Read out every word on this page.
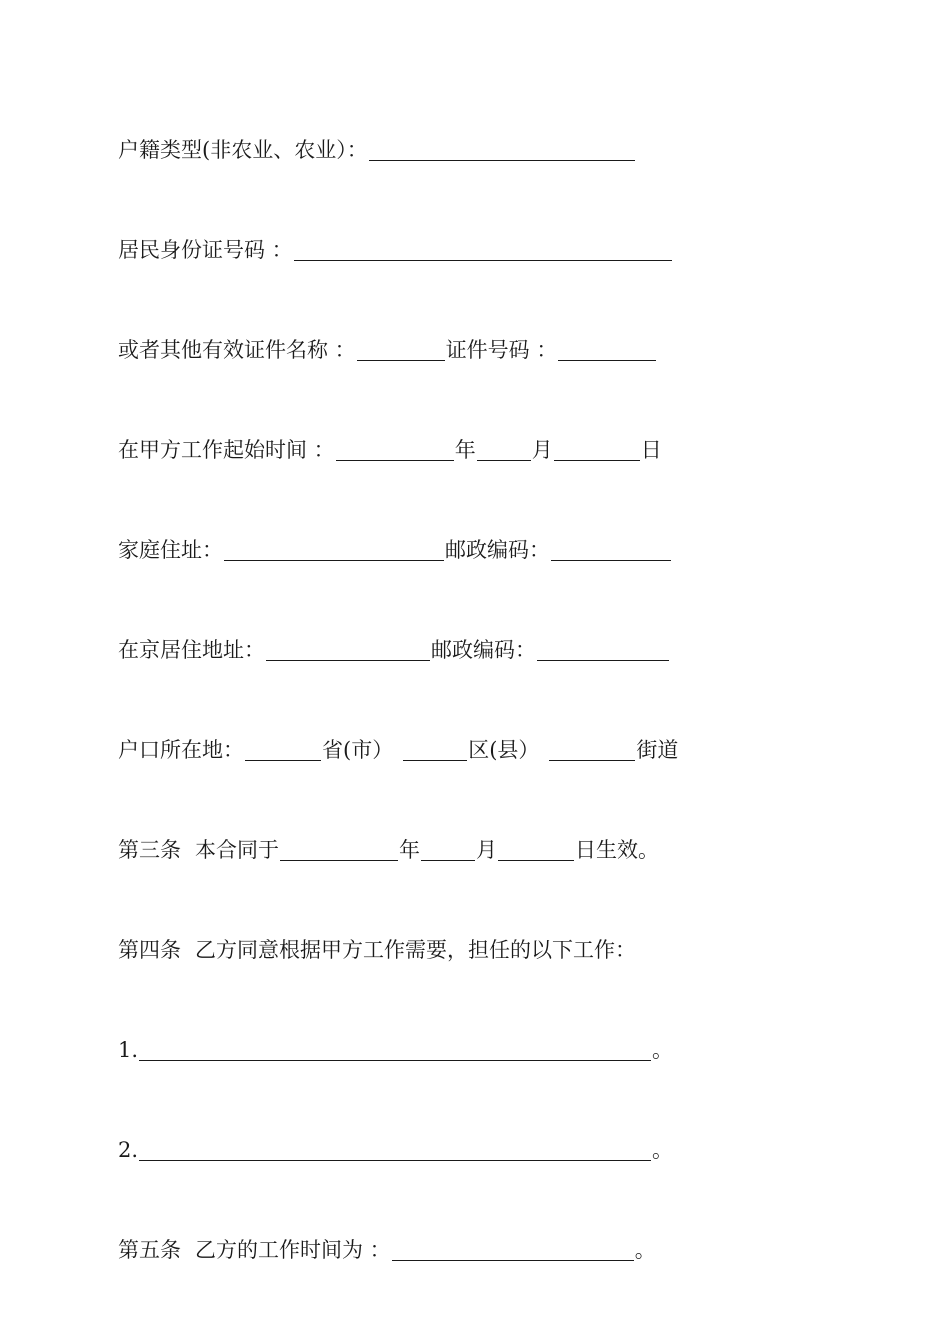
户籍类型(非农业、农业）：
居民身份证号码 ：
或者其他有效证件名称 ：	证件号码 ：
在甲方工作起始时间 ：	年	月	日
家庭住址：	邮政编码：
在京居住地址：	邮政编码：
户口所在地：	省(市）	区(县）	街道
第三条 本合同于	年	月	日生效。
第四条 乙方同意根据甲方工作需要，担任的以下工作：
1.	。
2.	。
第五条 乙方的工作时间为 ：	。
